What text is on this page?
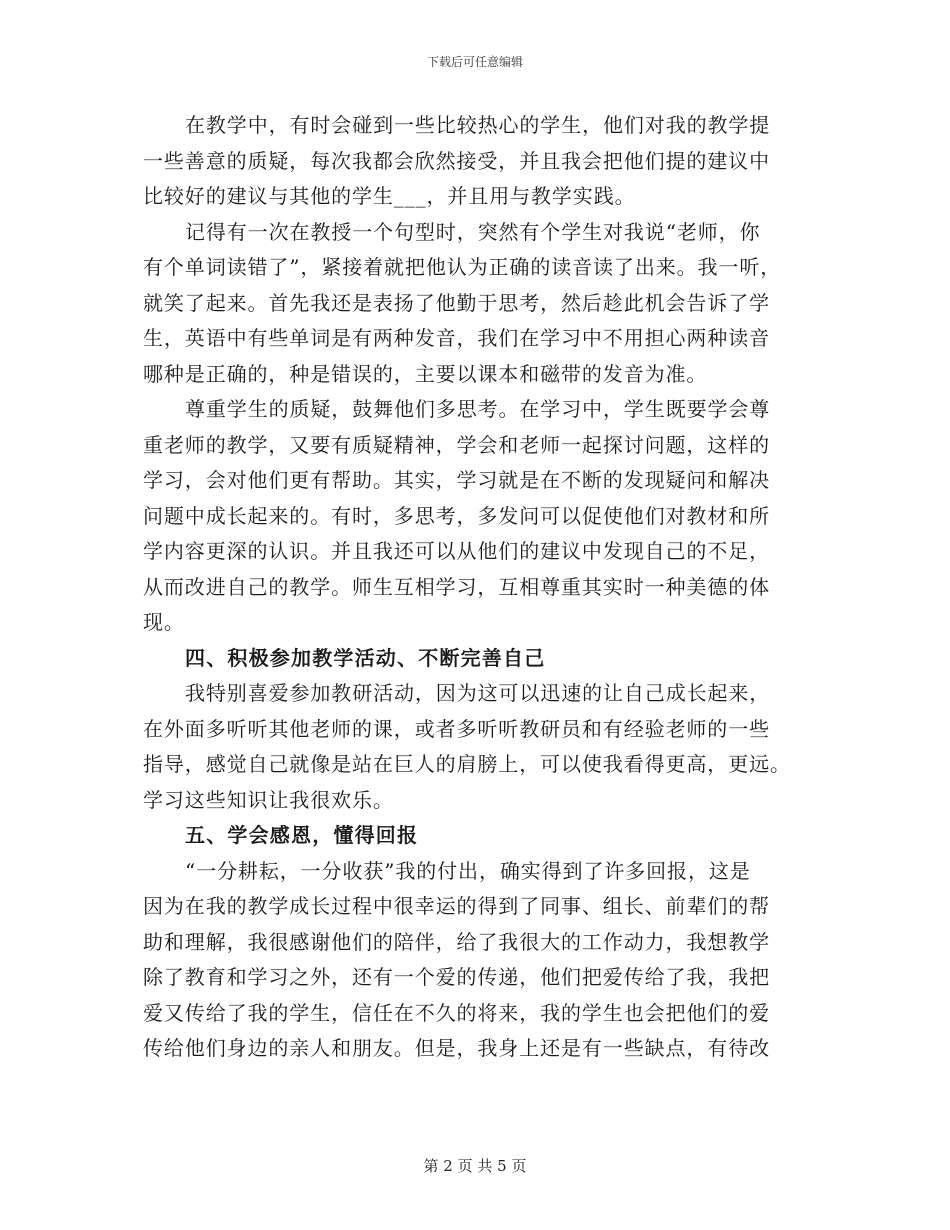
下载后可任意编辑
在教学中，有时会碰到一些比较热心的学生，他们对我的教学提
一些善意的质疑，每次我都会欣然接受，并且我会把他们提的建议中
比较好的建议与其他的学生___，并且用与教学实践。
记得有一次在教授一个句型时，突然有个学生对我说“老师，你
有个单词读错了”，紧接着就把他认为正确的读音读了出来。我一听，
就笑了起来。首先我还是表扬了他勤于思考，然后趁此机会告诉了学
生，英语中有些单词是有两种发音，我们在学习中不用担心两种读音
哪种是正确的，种是错误的，主要以课本和磁带的发音为准。
尊重学生的质疑，鼓舞他们多思考。在学习中，学生既要学会尊
重老师的教学，又要有质疑精神，学会和老师一起探讨问题，这样的
学习，会对他们更有帮助。其实，学习就是在不断的发现疑问和解决
问题中成长起来的。有时，多思考，多发问可以促使他们对教材和所
学内容更深的认识。并且我还可以从他们的建议中发现自己的不足，
从而改进自己的教学。师生互相学习，互相尊重其实时一种美德的体
现。
四、积极参加教学活动、不断完善自己
我特别喜爱参加教研活动，因为这可以迅速的让自己成长起来，
在外面多听听其他老师的课，或者多听听教研员和有经验老师的一些
指导，感觉自己就像是站在巨人的肩膀上，可以使我看得更高，更远。
学习这些知识让我很欢乐。
五、学会感恩，懂得回报
“一分耕耘，一分收获”我的付出，确实得到了许多回报，这是
因为在我的教学成长过程中很幸运的得到了同事、组长、前辈们的帮
助和理解，我很感谢他们的陪伴，给了我很大的工作动力，我想教学
除了教育和学习之外，还有一个爱的传递，他们把爱传给了我，我把
爱又传给了我的学生，信任在不久的将来，我的学生也会把他们的爱
传给他们身边的亲人和朋友。但是，我身上还是有一些缺点，有待改
第 2 页 共 5 页
